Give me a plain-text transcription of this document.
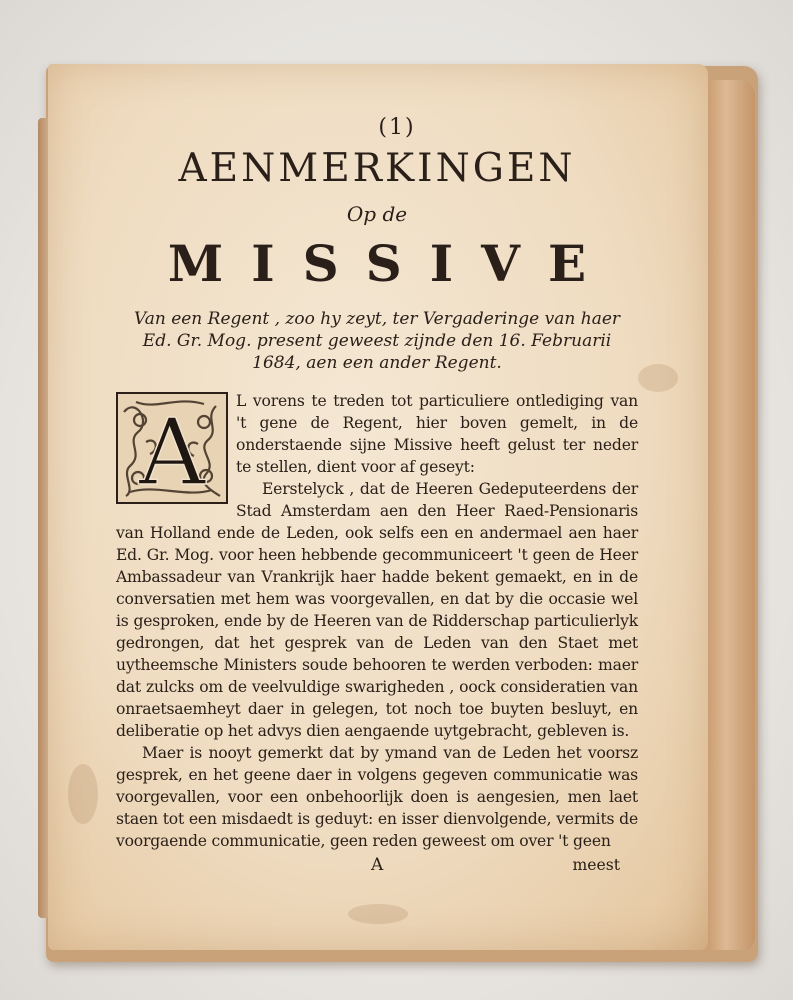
(1)
AENMERKINGEN
Op de
MISSIVE
Van een Regent , zoo hy zeyt, ter Vergaderinge van haer Ed. Gr. Mog. present geweest zijnde den 16. Februarii 1684, aen een ander Regent.
A	L vorens te treden tot particuliere ontlediging van 't gene de Regent, hier boven gemelt, in de onderstaende sijne Missive heeft gelust ter neder te stellen, dient voor af geseyt:

Eerstelyck , dat de Heeren Gedeputeerdens der Stad Amsterdam aen den Heer Raed-Pensionaris van Holland ende de Leden, ook selfs een en andermael aen haer Ed. Gr. Mog. voor heen hebbende gecommuniceert 't geen de Heer Ambassadeur van Vrankrijk haer hadde bekent gemaekt, en in de conversatien met hem was voorgevallen, en dat by die occasie wel is gesproken, ende by de Heeren van de Ridderschap particulierlyk gedrongen, dat het gesprek van de Leden van den Staet met uytheemsche Ministers soude behooren te werden verboden: maer dat zulcks om de veelvuldige swarigheden , oock consideratien van onraetsaemheyt daer in gelegen, tot noch toe buyten besluyt, en deliberatie op het advys dien aengaende uytgebracht, gebleven is.

Maer is nooyt gemerkt dat by ymand van de Leden het voorsz gesprek, en het geene daer in volgens gegeven communicatie was voorgevallen, voor een onbehoorlijk doen is aengesien, men laet staen tot een misdaedt is geduyt: en isser dienvolgende, vermits de voorgaende communicatie, geen reden geweest om over 't geen

A	meest
